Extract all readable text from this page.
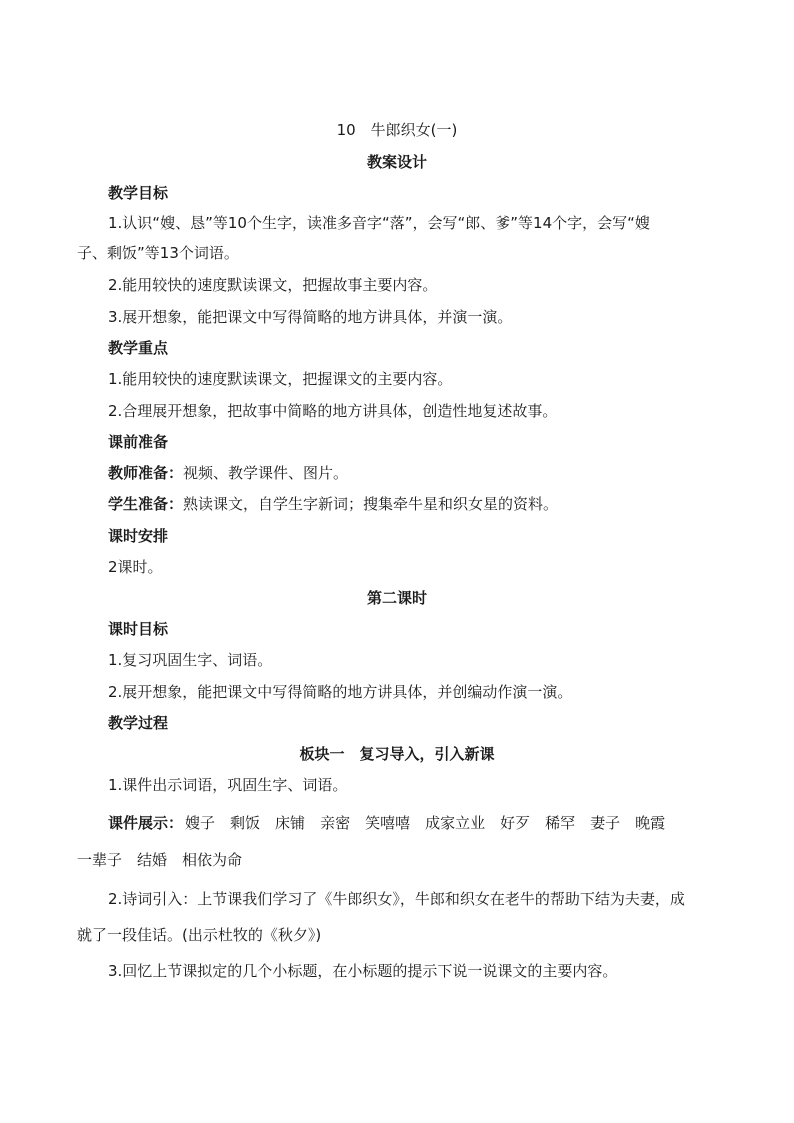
10　牛郎织女(一)
教案设计
教学目标
1.认识“嫂、恳”等10个生字，读准多音字“落”，会写“郎、爹”等14个字，会写“嫂
子、剩饭”等13个词语。
2.能用较快的速度默读课文，把握故事主要内容。
3.展开想象，能把课文中写得简略的地方讲具体，并演一演。
教学重点
1.能用较快的速度默读课文，把握课文的主要内容。
2.合理展开想象，把故事中简略的地方讲具体，创造性地复述故事。
课前准备
教师准备：视频、教学课件、图片。
学生准备：熟读课文，自学生字新词；搜集牵牛星和织女星的资料。
课时安排
2课时。
第二课时
课时目标
1.复习巩固生字、词语。
2.展开想象，能把课文中写得简略的地方讲具体，并创编动作演一演。
教学过程
板块一　复习导入，引入新课
1.课件出示词语，巩固生字、词语。
课件展示： 嫂子 剩饭 床铺 亲密 笑嘻嘻 成家立业 好歹 稀罕 妻子 晚霞
一辈子　结婚　相依为命
2.诗词引入：上节课我们学习了《牛郎织女》，牛郎和织女在老牛的帮助下结为夫妻，成
就了一段佳话。(出示杜牧的《秋夕》)
3.回忆上节课拟定的几个小标题，在小标题的提示下说一说课文的主要内容。
